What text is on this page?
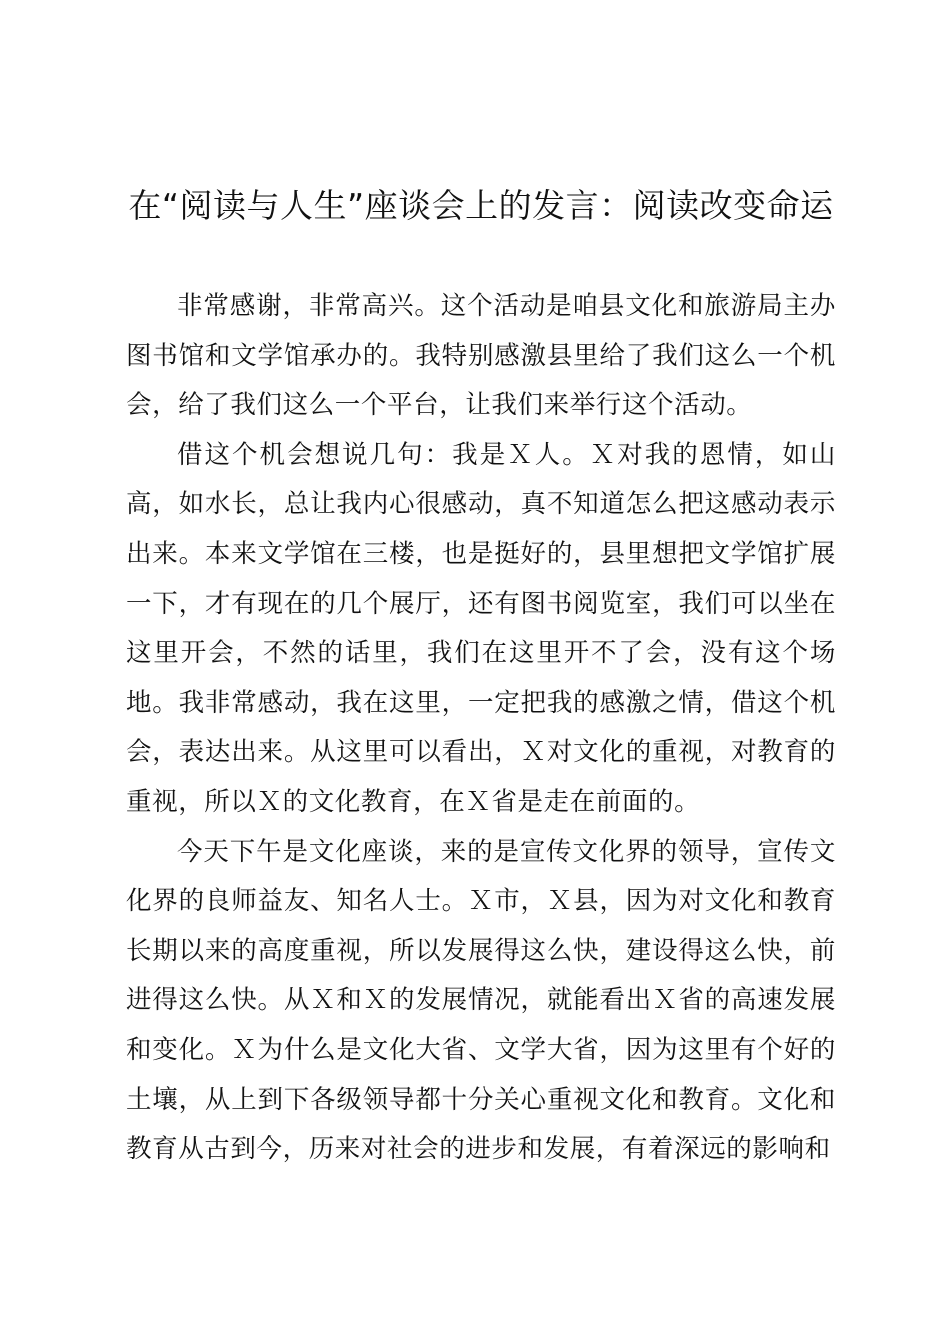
在“阅读与人生”座谈会上的发言：阅读改变命运

非常感谢，非常高兴。这个活动是咱县文化和旅游局主办图书馆和文学馆承办的。我特别感激县里给了我们这么一个机会，给了我们这么一个平台，让我们来举行这个活动。

借这个机会想说几句：我是Ｘ人。Ｘ对我的恩情，如山高，如水长，总让我内心很感动，真不知道怎么把这感动表示出来。本来文学馆在三楼，也是挺好的，县里想把文学馆扩展一下，才有现在的几个展厅，还有图书阅览室，我们可以坐在这里开会，不然的话里，我们在这里开不了会，没有这个场地。我非常感动，我在这里，一定把我的感激之情，借这个机会，表达出来。从这里可以看出，Ｘ对文化的重视，对教育的重视，所以Ｘ的文化教育，在Ｘ省是走在前面的。

今天下午是文化座谈，来的是宣传文化界的领导，宣传文化界的良师益友、知名人士。Ｘ市，Ｘ县，因为对文化和教育长期以来的高度重视，所以发展得这么快，建设得这么快，前进得这么快。从Ｘ和Ｘ的发展情况，就能看出Ｘ省的高速发展和变化。Ｘ为什么是文化大省、文学大省，因为这里有个好的土壤，从上到下各级领导都十分关心重视文化和教育。文化和教育从古到今，历来对社会的进步和发展，有着深远的影响和
